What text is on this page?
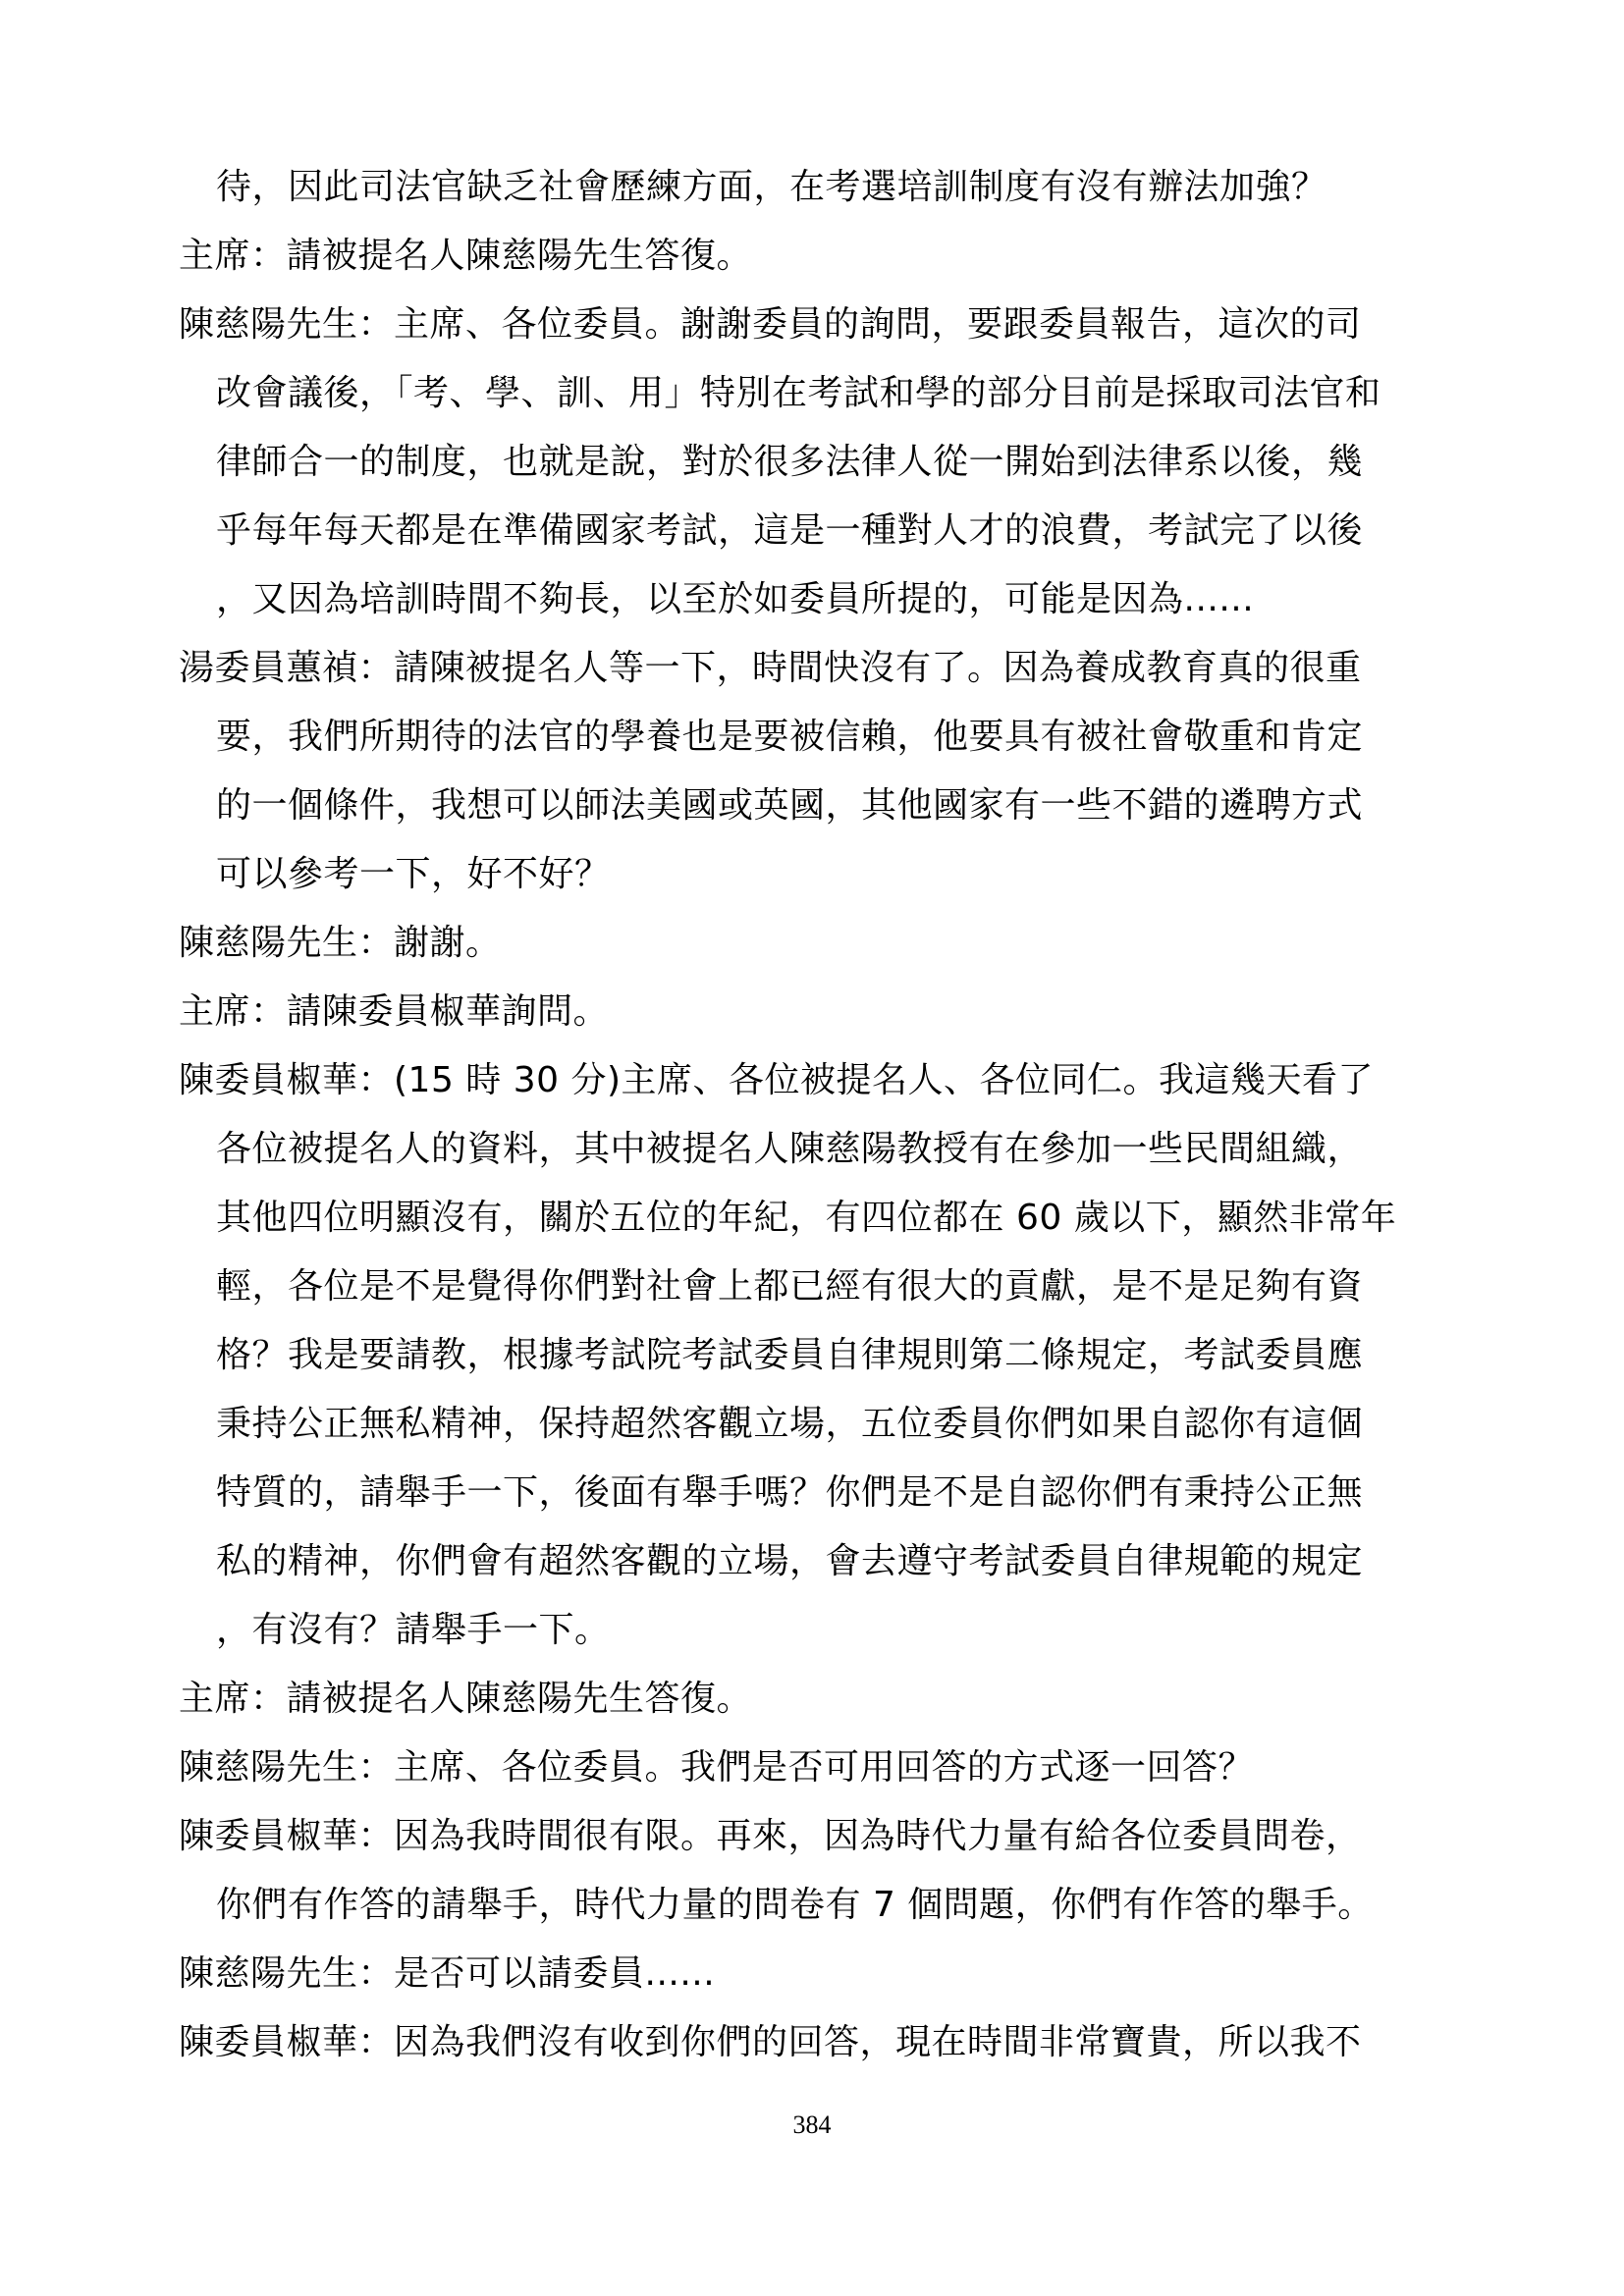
待，因此司法官缺乏社會歷練方面，在考選培訓制度有沒有辦法加強？
主席：請被提名人陳慈陽先生答復。
陳慈陽先生：主席、各位委員。謝謝委員的詢問，要跟委員報告，這次的司
改會議後，「考、學、訓、用」特別在考試和學的部分目前是採取司法官和
律師合一的制度，也就是說，對於很多法律人從一開始到法律系以後，幾
乎每年每天都是在準備國家考試，這是一種對人才的浪費，考試完了以後
，又因為培訓時間不夠長，以至於如委員所提的，可能是因為......
湯委員蕙禎：請陳被提名人等一下，時間快沒有了。因為養成教育真的很重
要，我們所期待的法官的學養也是要被信賴，他要具有被社會敬重和肯定
的一個條件，我想可以師法美國或英國，其他國家有一些不錯的遴聘方式
可以參考一下，好不好？
陳慈陽先生：謝謝。
主席：請陳委員椒華詢問。
陳委員椒華：(15 時 30 分)主席、各位被提名人、各位同仁。我這幾天看了
各位被提名人的資料，其中被提名人陳慈陽教授有在參加一些民間組織，
其他四位明顯沒有，關於五位的年紀，有四位都在 60 歲以下，顯然非常年
輕，各位是不是覺得你們對社會上都已經有很大的貢獻，是不是足夠有資
格？我是要請教，根據考試院考試委員自律規則第二條規定，考試委員應
秉持公正無私精神，保持超然客觀立場，五位委員你們如果自認你有這個
特質的，請舉手一下，後面有舉手嗎？你們是不是自認你們有秉持公正無
私的精神，你們會有超然客觀的立場，會去遵守考試委員自律規範的規定
，有沒有？請舉手一下。
主席：請被提名人陳慈陽先生答復。
陳慈陽先生：主席、各位委員。我們是否可用回答的方式逐一回答？
陳委員椒華：因為我時間很有限。再來，因為時代力量有給各位委員問卷，
你們有作答的請舉手，時代力量的問卷有 7 個問題，你們有作答的舉手。
陳慈陽先生：是否可以請委員......
陳委員椒華：因為我們沒有收到你們的回答，現在時間非常寶貴，所以我不
384
